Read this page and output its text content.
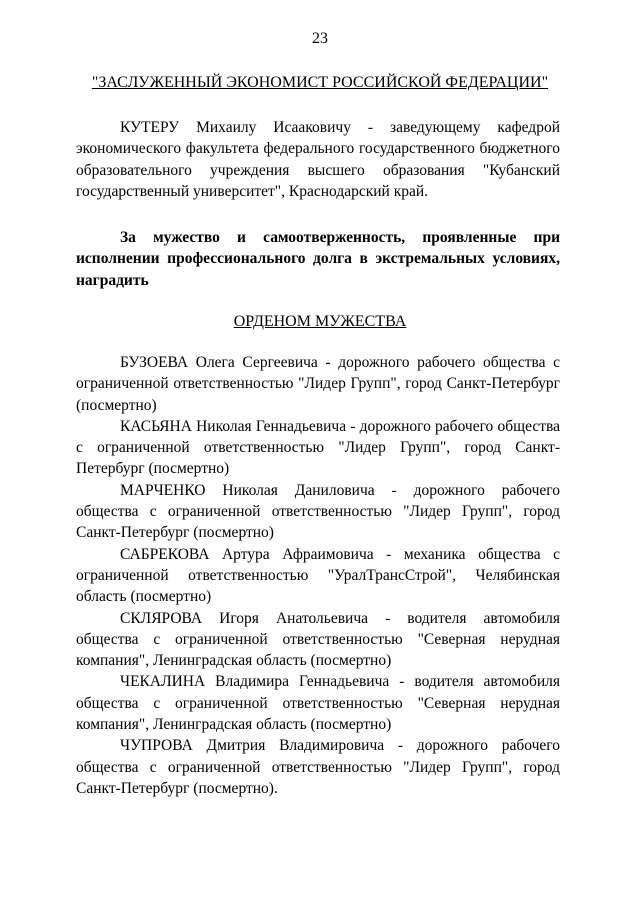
23
"ЗАСЛУЖЕННЫЙ ЭКОНОМИСТ РОССИЙСКОЙ ФЕДЕРАЦИИ"

КУТЕРУ Михаилу Исааковичу - заведующему кафедрой экономического факультета федерального государственного бюджетного образовательного учреждения высшего образования "Кубанский государственный университет", Краснодарский край.

За мужество и самоотверженность, проявленные при исполнении профессионального долга в экстремальных условиях, наградить

ОРДЕНОМ МУЖЕСТВА
БУЗОЕВА Олега Сергеевича - дорожного рабочего общества с ограниченной ответственностью "Лидер Групп", город Санкт-Петербург (посмертно)
КАСЬЯНА Николая Геннадьевича - дорожного рабочего общества с ограниченной ответственностью "Лидер Групп", город Санкт-Петербург (посмертно)
МАРЧЕНКО Николая Даниловича - дорожного рабочего общества с ограниченной ответственностью "Лидер Групп", город Санкт-Петербург (посмертно)
САБРЕКОВА Артура Афраимовича - механика общества с ограниченной ответственностью "УралТрансСтрой", Челябинская область (посмертно)
СКЛЯРОВА Игоря Анатольевича - водителя автомобиля общества с ограниченной ответственностью "Северная нерудная компания", Ленинградская область (посмертно)
ЧЕКАЛИНА Владимира Геннадьевича - водителя автомобиля общества с ограниченной ответственностью "Северная нерудная компания", Ленинградская область (посмертно)
ЧУПРОВА Дмитрия Владимировича - дорожного рабочего общества с ограниченной ответственностью "Лидер Групп", город Санкт-Петербург (посмертно).
